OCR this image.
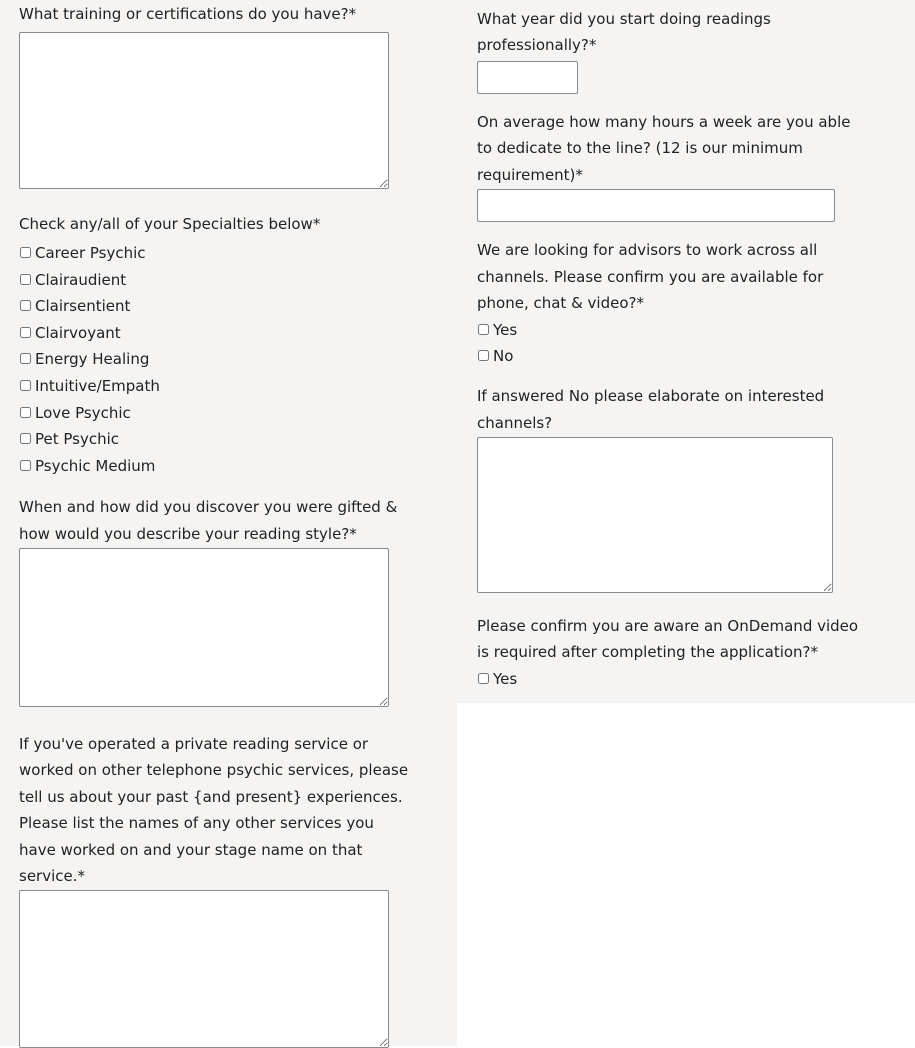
What training or certifications do you have?*

Check any/all of your Specialties below*

Career Psychic
Clairaudient
Clairsentient
Clairvoyant
Energy Healing
Intuitive/Empath
Love Psychic
Pet Psychic
Psychic Medium

When and how did you discover you were gifted &

how would you describe your reading style?*

If you've operated a private reading service or

worked on other telephone psychic services, please

tell us about your past {and present} experiences.

Please list the names of any other services you

have worked on and your stage name on that

service.*

What year did you start doing readings

professionally?*

On average how many hours a week are you able

to dedicate to the line? (12 is our minimum

requirement)*

We are looking for advisors to work across all

channels. Please confirm you are available for

phone, chat & video?*

Yes
No

If answered No please elaborate on interested

channels?

Please confirm you are aware an OnDemand video

is required after completing the application?*

Yes
